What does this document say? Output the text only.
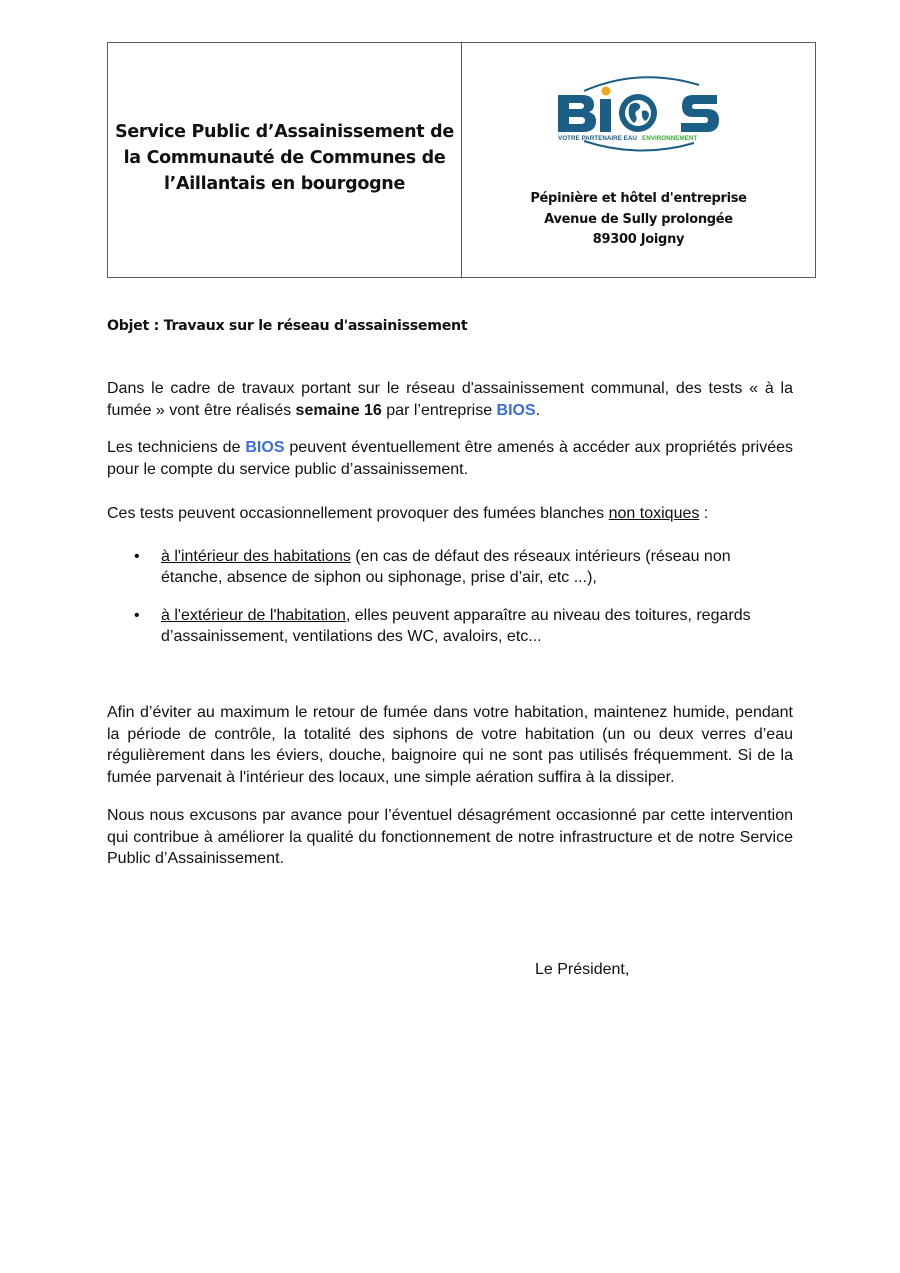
Service Public d’Assainissement de la Communauté de Communes de l’Aillantais en bourgogne
VOTRE PARTENAIRE EAU ENVIRONNEMENT
Pépinière et hôtel d'entreprise
Avenue de Sully prolongée
89300 Joigny
Objet : Travaux sur le réseau d'assainissement

Dans le cadre de travaux portant sur le réseau d'assainissement communal, des tests « à la fumée » vont être réalisés semaine 16 par l’entreprise BIOS.

Les techniciens de BIOS peuvent éventuellement être amenés à accéder aux propriétés privées pour le compte du service public d’assainissement.

Ces tests peuvent occasionnellement provoquer des fumées blanches non toxiques :

• à l'intérieur des habitations (en cas de défaut des réseaux intérieurs (réseau non étanche, absence de siphon ou siphonage, prise d’air, etc ...),
• à l'extérieur de l'habitation, elles peuvent apparaître au niveau des toitures, regards d’assainissement, ventilations des WC, avaloirs, etc...

Afin d’éviter au maximum le retour de fumée dans votre habitation, maintenez humide, pendant la période de contrôle, la totalité des siphons de votre habitation (un ou deux verres d’eau régulièrement dans les éviers, douche, baignoire qui ne sont pas utilisés fréquemment. Si de la fumée parvenait à l'intérieur des locaux, une simple aération suffira à la dissiper.

Nous nous excusons par avance pour l’éventuel désagrément occasionné par cette intervention qui contribue à améliorer la qualité du fonctionnement de notre infrastructure et de notre Service Public d’Assainissement.

Le Président,
